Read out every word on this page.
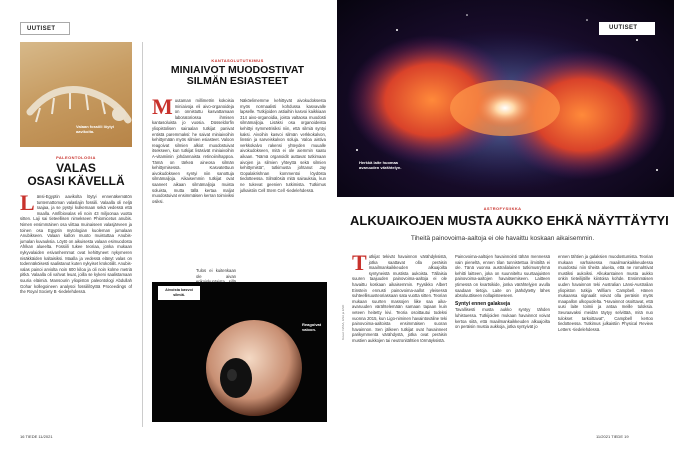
UUTISET
Valaan fossiili löytyi aavikolta.
PALEONTOLOGIA
VALAS
OSASI KÄVELLÄ
Länsi-Egyptin aavikolta löytyi ennenäkemätön tuntemattoman valaslajin fossiili. Valaalla oli neljä raajaa, ja se pystyi kulkemaan sekä vedessä että maalla. Amfibiovalas eli noin 43 miljoonaa vuotta sitten. Laji sai tieteellisen nimekseen Phiomicetus anubis. Nimen ensimmäinen osa viittaa muinaiseen valasjärveen ja toinen osa Egyptin mytologian kuoleman jumalaan Anubikseen. Valaan kallon muoto muistuttaa Anubis-jumalan kuvauksia. Löytö on aikuisesta valaan esimuodosta Afrikan alueelta. Fossiili tukee teoriaa, jonka mukaan nykyvalaiden esivanhemmat ovat kehittyneet nykymeren nisäkkäiden kaltaisiksi. Maalla ja vedessä elänyt valas on todennäköisesti saalistanut kuten nykyiset krokotiilit. Anubis-valas painoi arviolta noin 600 kiloa ja oli noin kolme metriä pitkä. Valaalla oli vahvat leuat, joilla se kykeni saalistamaan suuria eläimiä. Mansourin yliopiston paleontologi Abdullah Gohar kollegoineen analysoi fossiililöytöä Proceedings of the Royal Society B -tiedelehdessä.
KANTASOLUTUTKIMUS
MINIAIVOT MUODOSTIVAT
SILMÄN ESIASTEET
Muutaman millimetrin kokoisia miniaivoja eli aivo-organoideja on onnistuttu kasvattamaan laboratoriossa ihmisen kantasoluista jo vuosia. Düsseldorfin yliopistolisen sairaalan tutkijat panivat entistä paremmaksi: he saivat miniaivoihin kehittymään myös silmien esiasteet. Valoon reagoivat silmien alkiot muodostuivat itsekseen, kun tutkijat lisäsivät miniaivoihin A-vitamiinin johdannaista retinoiinihappoa. Tämä on tärkeä aineosa silmän kehittymisessä. Kasvatettuun aivokudokseen syntyi niin sanottuja silmämaljoja. Aikaisemmin tutkijat ovat saaneet aikaan silmämaljoja muista soluista, mutta tällä kertaa maljat muodostuivat ensimmäisen kerran toimiviksi osiksi.
Tulos ei kuitenkaan ole aivan
Näköelimemme kehittyvät aivokudoksesta myös normaalisti kohdussa kasvavalle lapselle. Tutkijoiden astiaihin kasvoi kaikkiaan 314 aivo-organoidia, joista valtaosa muodosti silmämaljoja. Lisäksi osa organoideista kehittyi symmetrisiksi niin, että silmiä syntyi kaksi. Aivoihin kasvoi silmän verkkokalvon, linssin ja sarveiskalvon soluja. Valoa aistiva verkkokalvo rakensi yhteyden muualle aivokudokseen, mitä ei ole aiemmin saatu aikaan. ”Nämä organoidit auttavat tutkimaan aivojen ja silmien yhteyttä sekä silmien kehittymistä”, tutkimusta johtanut Jay Gopalakrishnan kommentoi löydösta tiedotteessa. Silmälösiä mitä sairauksia, kun ne tukevat geenien tutkimista. Tutkimus julkaistiin Cell Stem Cell -tiedelehdessä.
Aivoista kasvoi silmiä.
Reagoivat valoon.
16 TIEDE 11/2021
UUTISET
Herkkä laite huomaa avaruuden värähtelyn.
Kuvat: NASA, ESA ja ESO
ASTROFYSIIKKA
ALKUAIKOJEN MUSTA AUKKO EHKÄ NÄYTTÄYTYI
Tiheitä painovoima-aaltoja ei ole havaittu koskaan aikaisemmin.
Tutkijat tekivät havainnon värähdyksistä, jotka saattavat olla peräisin maailmankaikkeuden alkuajoilta syntyneistä mustista aukoista. Tällaisia suuren taajuuden painovoima-aaltoja ei ole havaittu koskaan aikaisemmin. Fyysikko Albert Einstein ennusti painovoima-aallot yleisessä suhteellisuusteoriassaan sata vuotta sitten. Teorian mukaan suurten massojen liike saa aika-avaruuden värähtelemään samaan tapaan kuin veteen heitetty kivi. Teoria osoittautui todeksi vuonna 2015, kun Ligo-niminen havaintoväline teki painovoima-aaltoista ensimmäisen suoran havainnon. Sen jälkeen tutkijat ovat havainneet parikymmentä värähdystä, jotka ovat peräisin mustien aukkojen tai neutronitähtien törmäyksistä.
Painovoima-aaltojen havainnointi tähän mennessä vain pieneltä, ennen tilan tunnistettua ilmiöiltä ei ole. Tänä vuonna australialainen tutkimusryhmä kehitti laitteen, joka on suunniteltu suurtaajuisten painovoima-aaltojen havaitsemiseen. Laitteen ytimessä on kvartsikide, jonka värähtelyjen avulla saadaan tietoja. Laite on jäähdytetty lähes absoluuttiseen nollapisteeseen.
Syntyi ennen galakseja
Tavallisesti musta aukko syntyy tähden luhistuessa. Tutkijoiden mukaan havainnot voivat kertoa siitä, että maailmankaikkeuden alkuajoilta on peräisin mustia aukkoja, jotka syntyivät jo
ennen tähtien ja galaksien muodostumista. Teorian mukaan varhaisessa maailmankaikkeudessa muodostui niin tiheitä alueita, että ne romahtivat mustiksi aukoiksi. Alkukantainen musta aukko onkin tieteilijöille kiintoisa kohde. Ensimmäisen uuden havainnon teki Australian Länsi-Australian yliopiston tutkija William Campbell. Hänen mukaansa signaalit voivat olla peräisin myös maapallon ulkopuolelta. ”Havainnot osoittavat, että uusi laite toimii ja antaa meille tuloksia. Seuraavaksi meidän täytyy selvittää, mitä nuo tulokset tarkoittavat”, Campbell kertoo tiedotteessa. Tutkimus julkaistiin Physical Review Letters -tiedelehdessä.
11/2021 TIEDE 19
